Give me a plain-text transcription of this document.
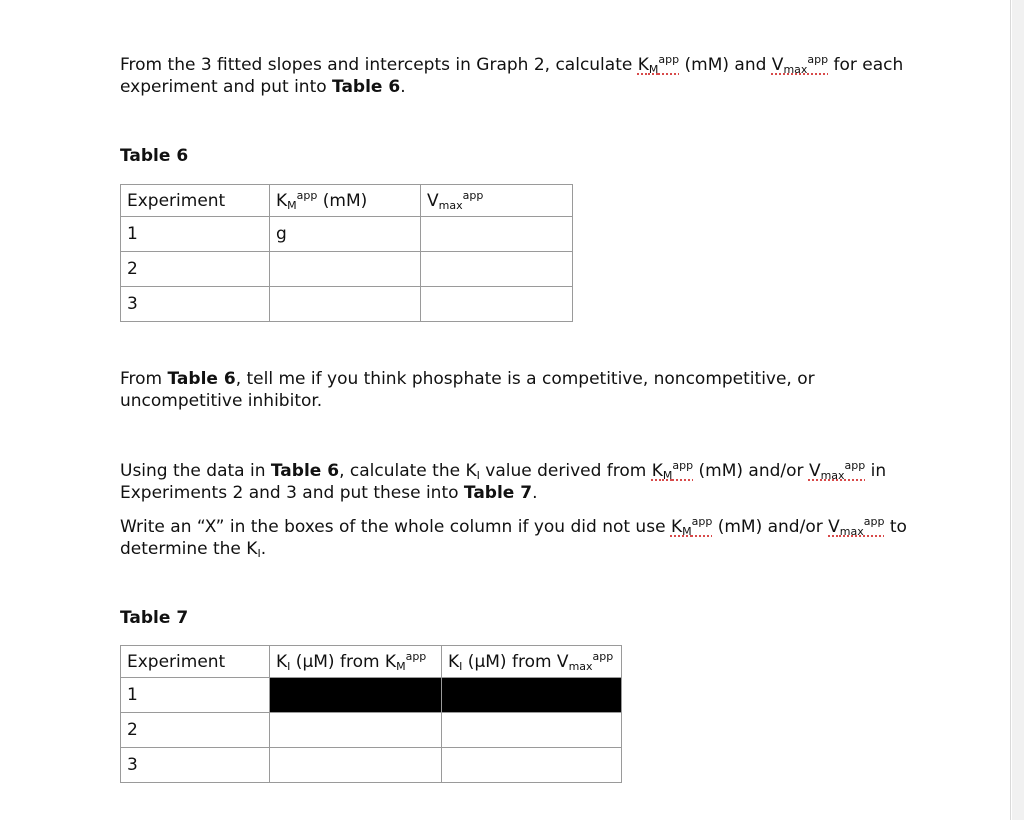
From the 3 fitted slopes and intercepts in Graph 2, calculate $K_M^{app}$ (mM) and $V_{max}^{app}$ for each
experiment and put into Table 6.
Table 6
Experiment	$K_M^{app}$ (mM)	$V_{max}^{app}$
1	g	
2		
3		
From Table 6, tell me if you think phosphate is a competitive, noncompetitive, or
uncompetitive inhibitor.
Using the data in Table 6, calculate the $K_I$ value derived from $K_M^{app}$ (mM) and/or $V_{max}^{app}$ in
Experiments 2 and 3 and put these into Table 7.
Write an “X” in the boxes of the whole column if you did not use $K_M^{app}$ (mM) and/or $V_{max}^{app}$ to
determine the $K_I$.
Table 7
Experiment	$K_I$ (µM) from $K_M^{app}$	$K_I$ (µM) from $V_{max}^{app}$
1		
2		
3		
